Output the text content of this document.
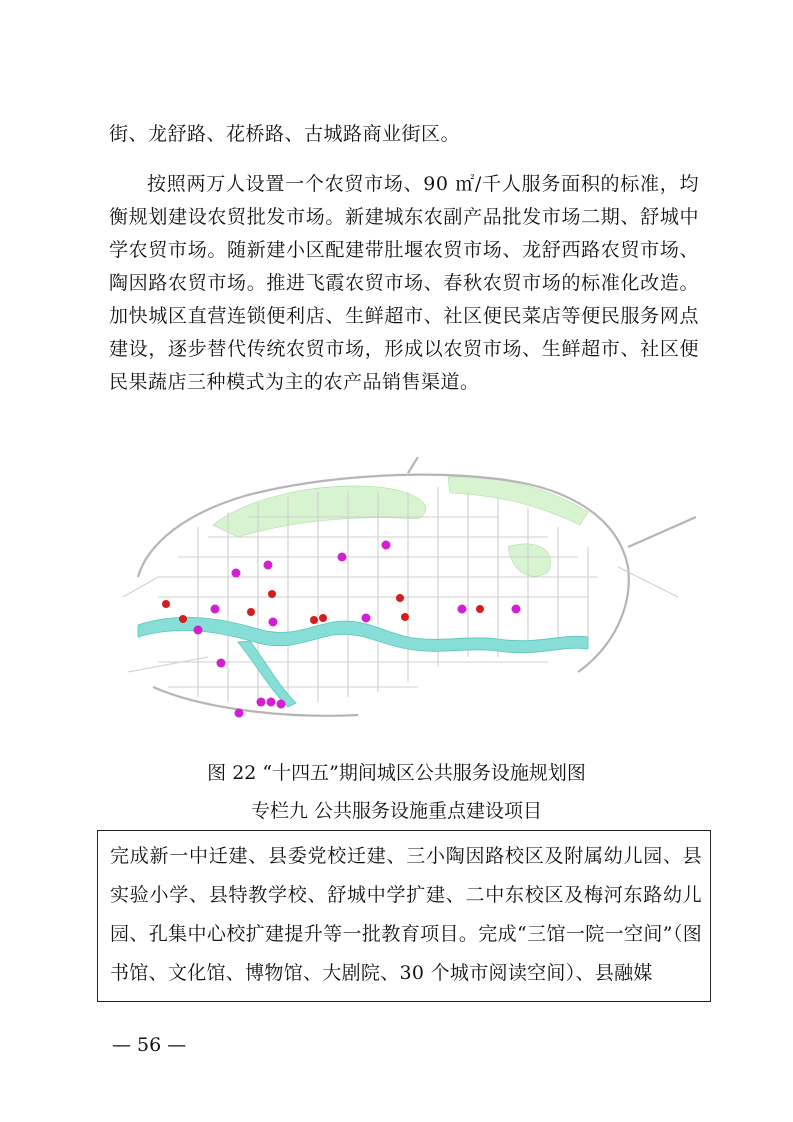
街、龙舒路、花桥路、古城路商业街区。

按照两万人设置一个农贸市场、90 ㎡/千人服务面积的标准，均衡规划建设农贸批发市场。新建城东农副产品批发市场二期、舒城中学农贸市场。随新建小区配建带肚堰农贸市场、龙舒西路农贸市场、陶因路农贸市场。推进飞霞农贸市场、春秋农贸市场的标准化改造。加快城区直营连锁便利店、生鲜超市、社区便民菜店等便民服务网点建设，逐步替代传统农贸市场，形成以农贸市场、生鲜超市、社区便民果蔬店三种模式为主的农产品销售渠道。

图 22 “十四五”期间城区公共服务设施规划图

专栏九 公共服务设施重点建设项目

完成新一中迁建、县委党校迁建、三小陶因路校区及附属幼儿园、县实验小学、县特教学校、舒城中学扩建、二中东校区及梅河东路幼儿园、孔集中心校扩建提升等一批教育项目。完成“三馆一院一空间”（图书馆、文化馆、博物馆、大剧院、30 个城市阅读空间）、县融媒

— 56 —
